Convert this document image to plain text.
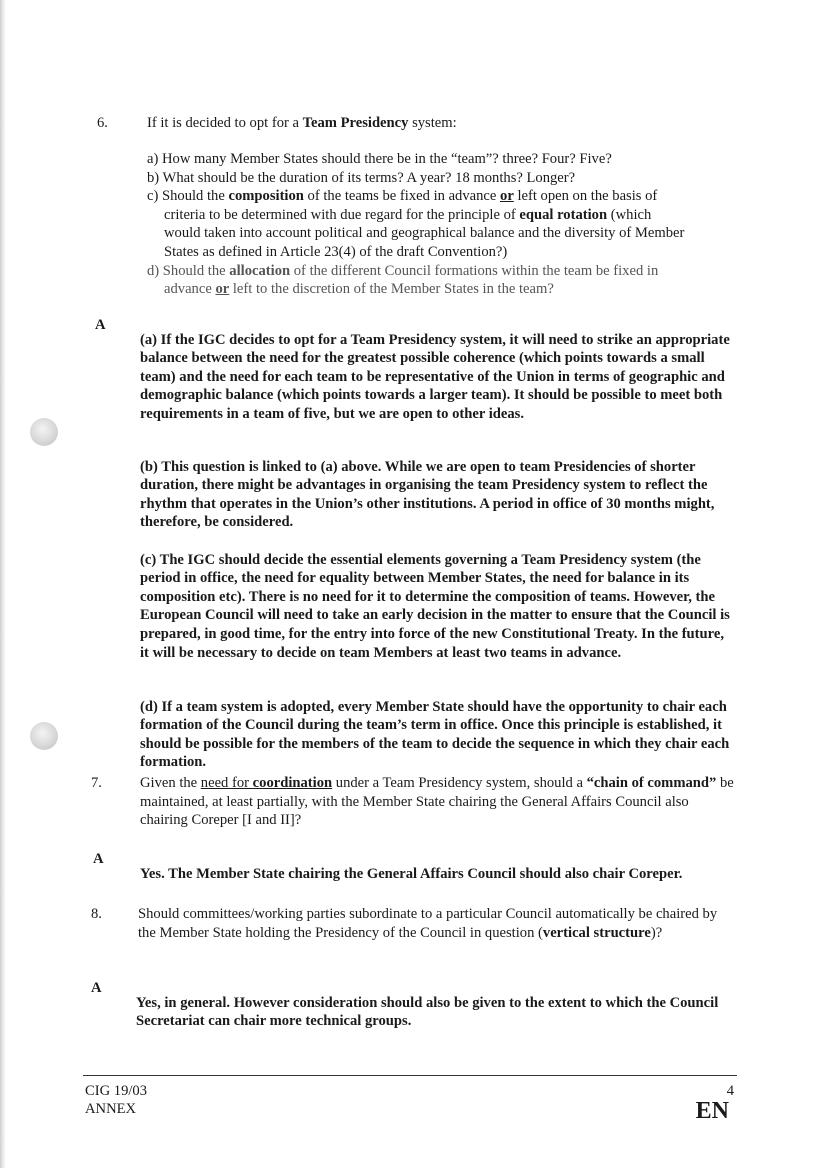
6.	If it is decided to opt for a Team Presidency system:

a) How many Member States should there be in the “team”? three? Four? Five?
b) What should be the duration of its terms? A year? 18 months? Longer?
c) Should the composition of the teams be fixed in advance or left open on the basis of
criteria to be determined with due regard for the principle of equal rotation (which
would taken into account political and geographical balance and the diversity of Member
States as defined in Article 23(4) of the draft Convention?)
d) Should the allocation of the different Council formations within the team be fixed in
advance or left to the discretion of the Member States in the team?
A

(a) If the IGC decides to opt for a Team Presidency system, it will need to strike an appropriate balance between the need for the greatest possible coherence (which points towards a small team) and the need for each team to be representative of the Union in terms of geographic and demographic balance (which points towards a larger team). It should be possible to meet both requirements in a team of five, but we are open to other ideas.

(b) This question is linked to (a) above. While we are open to team Presidencies of shorter duration, there might be advantages in organising the team Presidency system to reflect the rhythm that operates in the Union’s other institutions. A period in office of 30 months might, therefore, be considered.

(c) The IGC should decide the essential elements governing a Team Presidency system (the period in office, the need for equality between Member States, the need for balance in its composition etc). There is no need for it to determine the composition of teams. However, the European Council will need to take an early decision in the matter to ensure that the Council is prepared, in good time, for the entry into force of the new Constitutional Treaty. In the future, it will be necessary to decide on team Members at least two teams in advance.

(d) If a team system is adopted, every Member State should have the opportunity to chair each formation of the Council during the team’s term in office. Once this principle is established, it should be possible for the members of the team to decide the sequence in which they chair each formation.

7.	Given the need for coordination under a Team Presidency system, should a “chain of command” be maintained, at least partially, with the Member State chairing the General Affairs Council also chairing Coreper [I and II]?

A

Yes. The Member State chairing the General Affairs Council should also chair Coreper.

8. Should committees/working parties subordinate to a particular Council automatically be chaired by the Member State holding the Presidency of the Council in question (vertical structure)?

A

Yes, in general. However consideration should also be given to the extent to which the Council Secretariat can chair more technical groups.

CIG 19/03
ANNEX
4
EN
